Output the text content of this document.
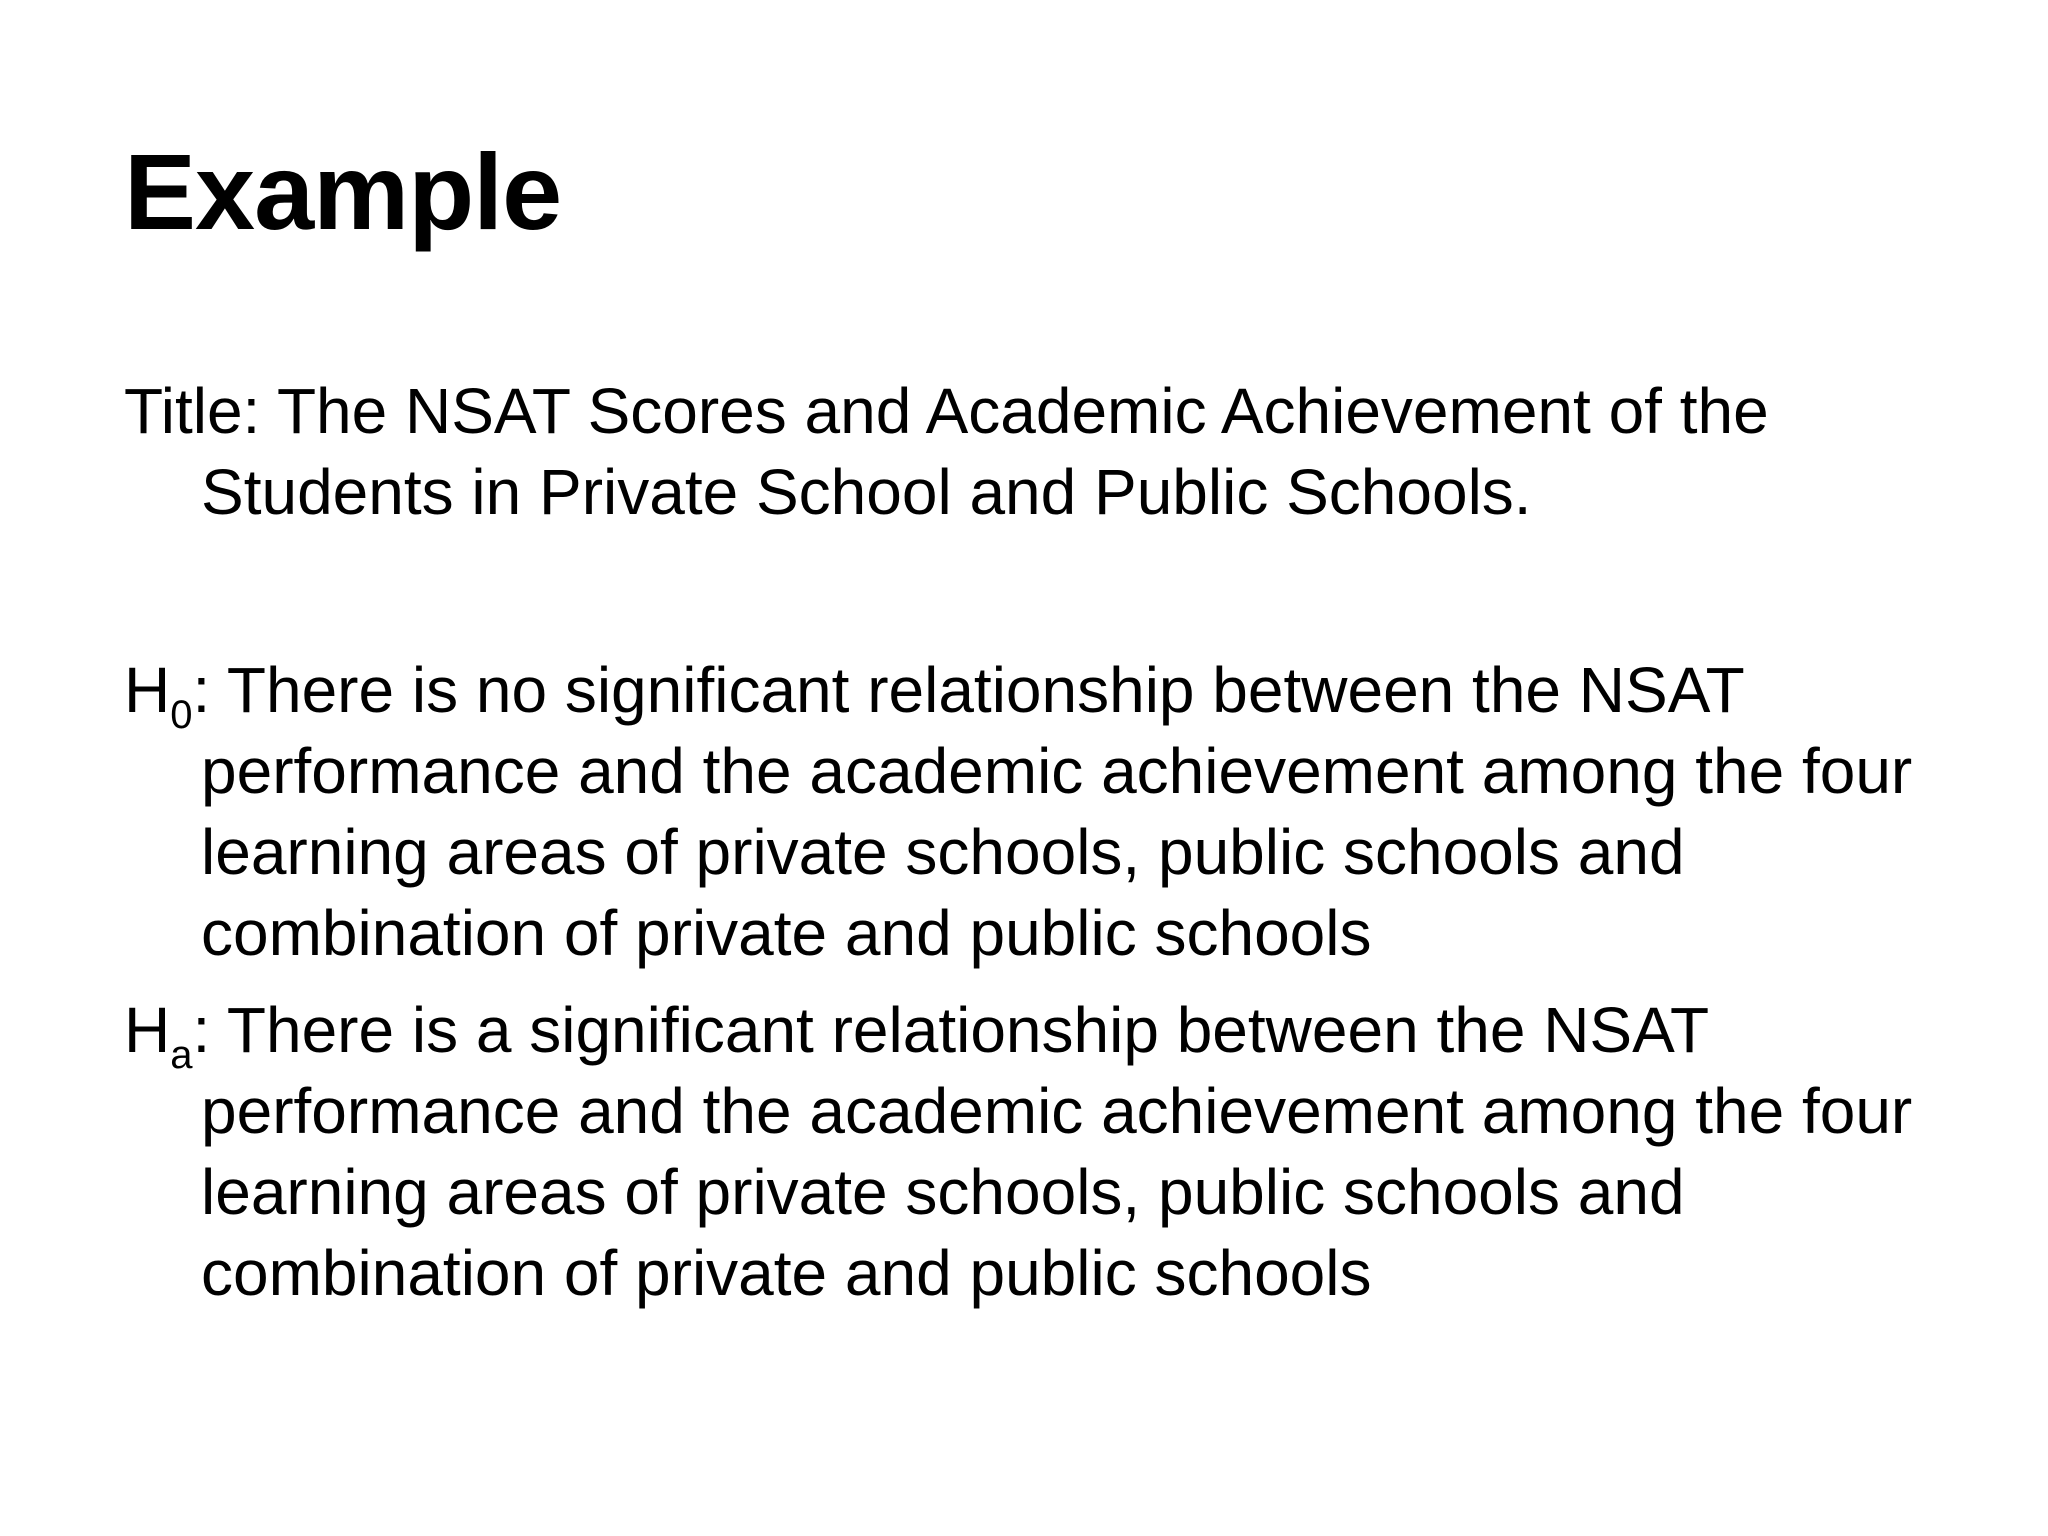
Example

Title: The NSAT Scores and Academic Achievement of the Students in Private School and Public Schools.

$H_0$: There is no significant relationship between the NSAT performance and the academic achievement among the four learning areas of private schools, public schools and combination of private and public schools

$H_a$: There is a significant relationship between the NSAT performance and the academic achievement among the four learning areas of private schools, public schools and combination of private and public schools
